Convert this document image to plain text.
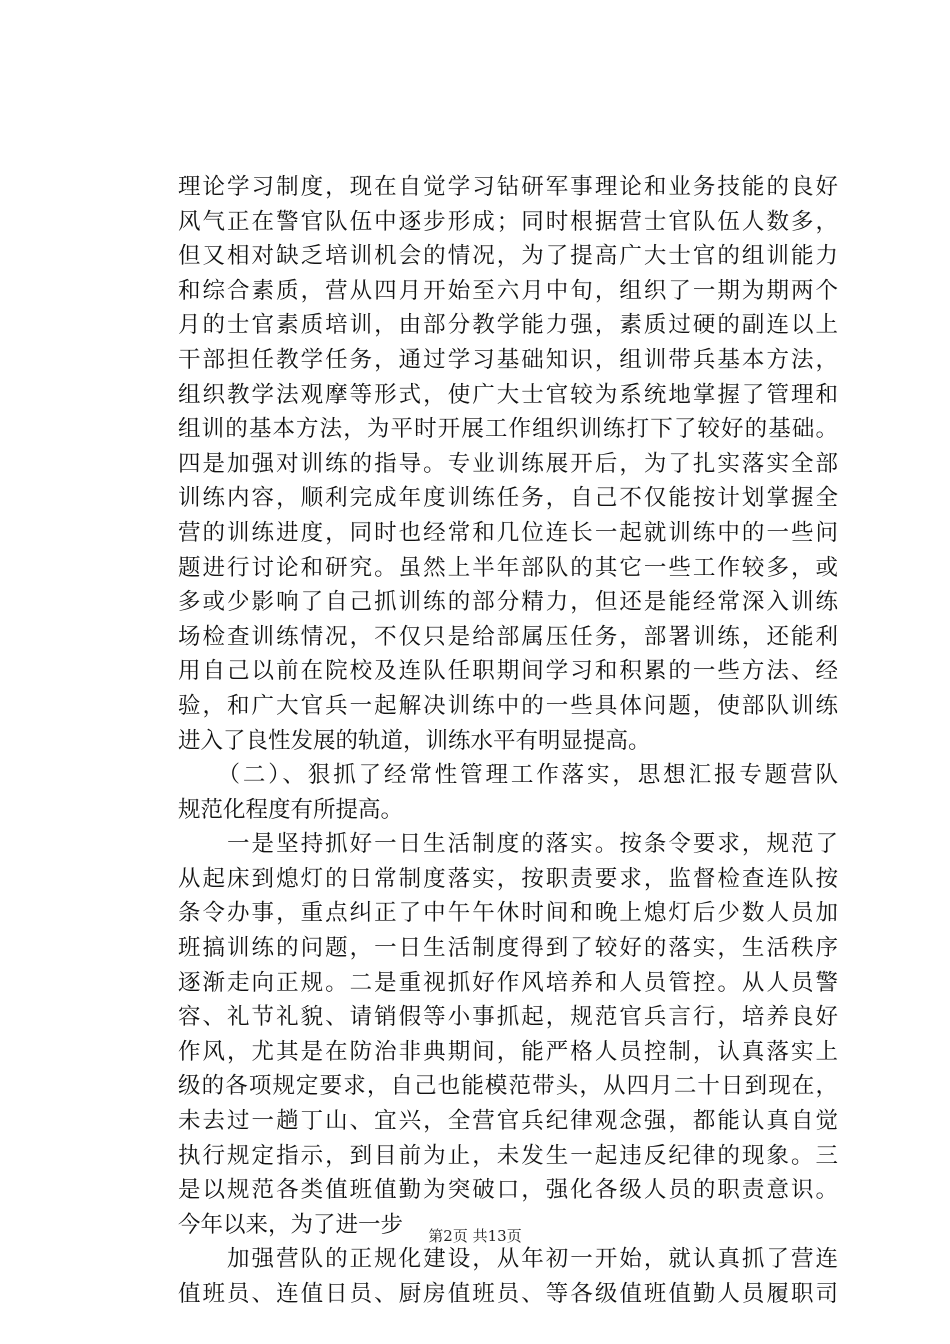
理论学习制度，现在自觉学习钻研军事理论和业务技能的良好
风气正在警官队伍中逐步形成；同时根据营士官队伍人数多，
但又相对缺乏培训机会的情况，为了提高广大士官的组训能力
和综合素质，营从四月开始至六月中旬，组织了一期为期两个
月的士官素质培训，由部分教学能力强，素质过硬的副连以上
干部担任教学任务，通过学习基础知识，组训带兵基本方法，
组织教学法观摩等形式，使广大士官较为系统地掌握了管理和
组训的基本方法，为平时开展工作组织训练打下了较好的基础。
四是加强对训练的指导。专业训练展开后，为了扎实落实全部
训练内容，顺利完成年度训练任务，自己不仅能按计划掌握全
营的训练进度，同时也经常和几位连长一起就训练中的一些问
题进行讨论和研究。虽然上半年部队的其它一些工作较多，或
多或少影响了自己抓训练的部分精力，但还是能经常深入训练
场检查训练情况，不仅只是给部属压任务，部署训练，还能利
用自己以前在院校及连队任职期间学习和积累的一些方法、经
验，和广大官兵一起解决训练中的一些具体问题，使部队训练
进入了良性发展的轨道，训练水平有明显提高。
　　（二）、狠抓了经常性管理工作落实，思想汇报专题营队
规范化程度有所提高。
　　一是坚持抓好一日生活制度的落实。按条令要求，规范了
从起床到熄灯的日常制度落实，按职责要求，监督检查连队按
条令办事，重点纠正了中午午休时间和晚上熄灯后少数人员加
班搞训练的问题，一日生活制度得到了较好的落实，生活秩序
逐渐走向正规。二是重视抓好作风培养和人员管控。从人员警
容、礼节礼貌、请销假等小事抓起，规范官兵言行，培养良好
作风，尤其是在防治非典期间，能严格人员控制，认真落实上
级的各项规定要求，自己也能模范带头，从四月二十日到现在，
未去过一趟丁山、宜兴，全营官兵纪律观念强，都能认真自觉
执行规定指示，到目前为止，未发生一起违反纪律的现象。三
是以规范各类值班值勤为突破口，强化各级人员的职责意识。
今年以来，为了进一步
　　加强营队的正规化建设，从年初一开始，就认真抓了营连
值班员、连值日员、厨房值班员、等各级值班值勤人员履职司
第2页 共13页
